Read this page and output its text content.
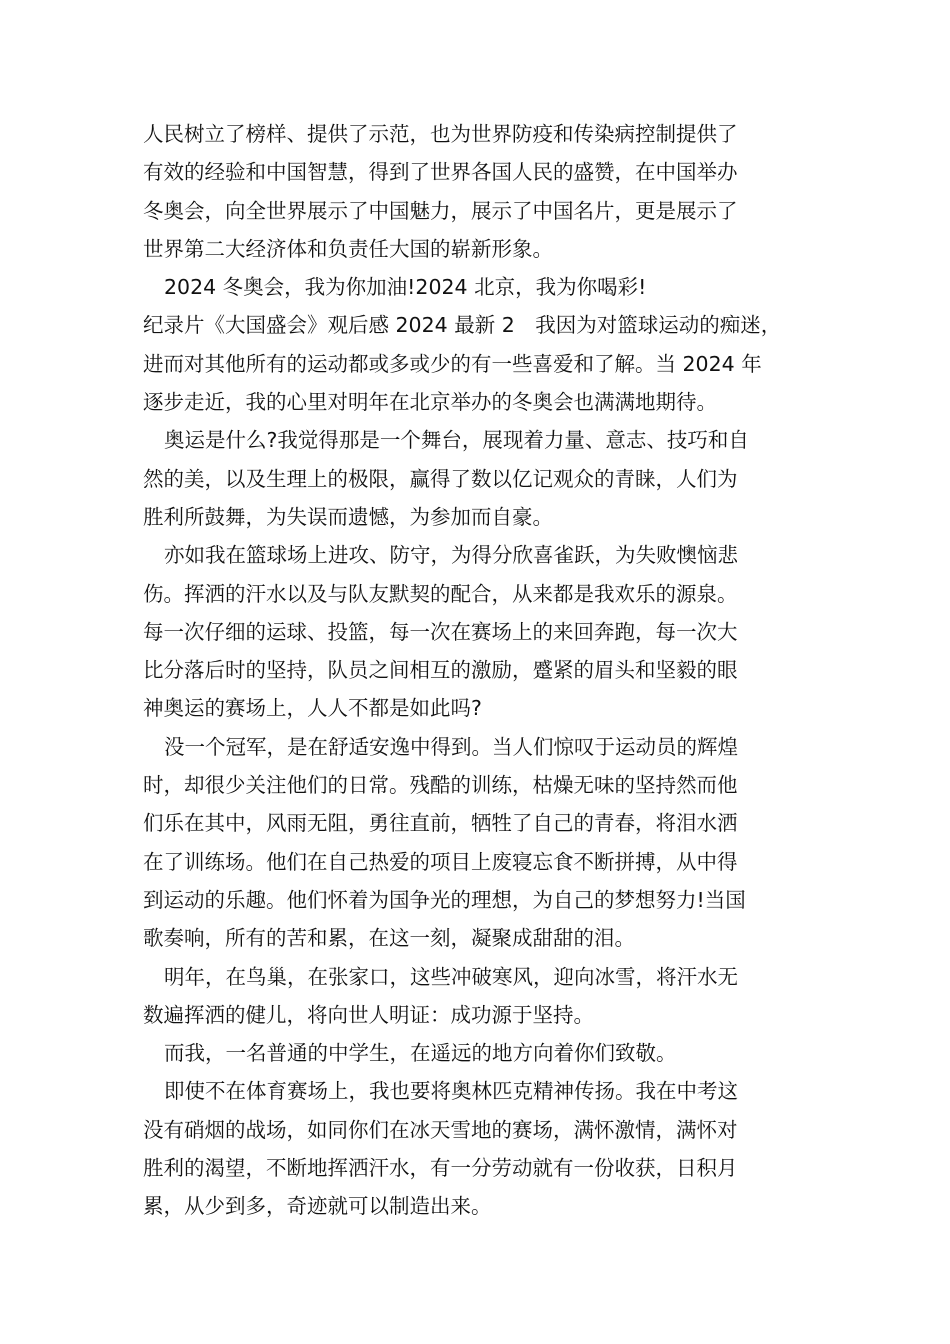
人民树立了榜样、提供了示范，也为世界防疫和传染病控制提供了
有效的经验和中国智慧，得到了世界各国人民的盛赞，在中国举办
冬奥会，向全世界展示了中国魅力，展示了中国名片，更是展示了
世界第二大经济体和负责任大国的崭新形象。
2024 冬奥会，我为你加油!2024 北京，我为你喝彩!
纪录片《大国盛会》观后感 2024 最新 2　我因为对篮球运动的痴迷，
进而对其他所有的运动都或多或少的有一些喜爱和了解。当 2024 年
逐步走近，我的心里对明年在北京举办的冬奥会也满满地期待。
奥运是什么?我觉得那是一个舞台，展现着力量、意志、技巧和自
然的美，以及生理上的极限，赢得了数以亿记观众的青睐，人们为
胜利所鼓舞，为失误而遗憾，为参加而自豪。
亦如我在篮球场上进攻、防守，为得分欣喜雀跃，为失败懊恼悲
伤。挥洒的汗水以及与队友默契的配合，从来都是我欢乐的源泉。
每一次仔细的运球、投篮，每一次在赛场上的来回奔跑，每一次大
比分落后时的坚持，队员之间相互的激励，蹙紧的眉头和坚毅的眼
神奥运的赛场上，人人不都是如此吗?
没一个冠军，是在舒适安逸中得到。当人们惊叹于运动员的辉煌
时，却很少关注他们的日常。残酷的训练，枯燥无味的坚持然而他
们乐在其中，风雨无阻，勇往直前，牺牲了自己的青春，将泪水洒
在了训练场。他们在自己热爱的项目上废寝忘食不断拼搏，从中得
到运动的乐趣。他们怀着为国争光的理想，为自己的梦想努力!当国
歌奏响，所有的苦和累，在这一刻，凝聚成甜甜的泪。
明年，在鸟巢，在张家口，这些冲破寒风，迎向冰雪，将汗水无
数遍挥洒的健儿，将向世人明证：成功源于坚持。
而我，一名普通的中学生，在遥远的地方向着你们致敬。
即使不在体育赛场上，我也要将奥林匹克精神传扬。我在中考这
没有硝烟的战场，如同你们在冰天雪地的赛场，满怀激情，满怀对
胜利的渴望，不断地挥洒汗水，有一分劳动就有一份收获，日积月
累，从少到多，奇迹就可以制造出来。
